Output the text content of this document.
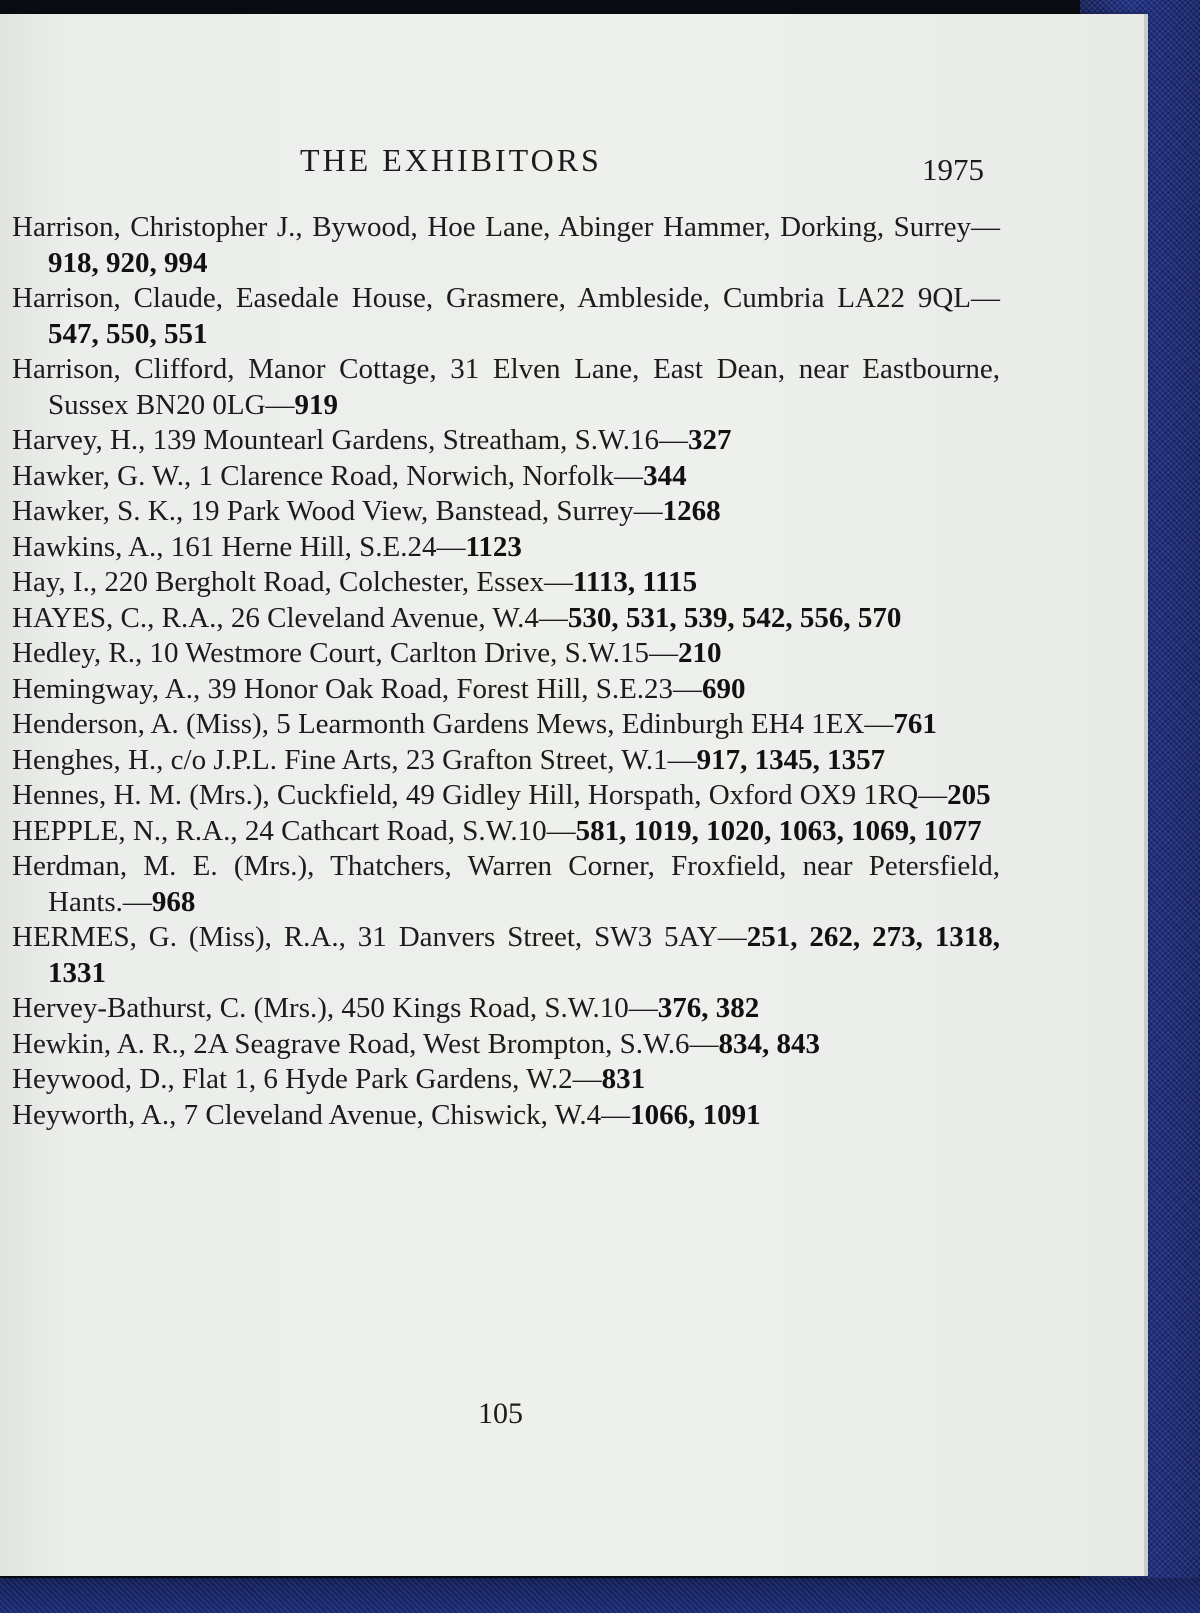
THE EXHIBITORS	1975
Harrison, Christopher J., Bywood, Hoe Lane, Abinger Hammer, Dorking, Surrey—918, 920, 994
Harrison, Claude, Easedale House, Grasmere, Ambleside, Cumbria LA22 9QL—547, 550, 551
Harrison, Clifford, Manor Cottage, 31 Elven Lane, East Dean, near Eastbourne, Sussex BN20 0LG—919
Harvey, H., 139 Mountearl Gardens, Streatham, S.W.16—327
Hawker, G. W., 1 Clarence Road, Norwich, Norfolk—344
Hawker, S. K., 19 Park Wood View, Banstead, Surrey—1268
Hawkins, A., 161 Herne Hill, S.E.24—1123
Hay, I., 220 Bergholt Road, Colchester, Essex—1113, 1115
HAYES, C., R.A., 26 Cleveland Avenue, W.4—530, 531, 539, 542, 556, 570
Hedley, R., 10 Westmore Court, Carlton Drive, S.W.15—210
Hemingway, A., 39 Honor Oak Road, Forest Hill, S.E.23—690
Henderson, A. (Miss), 5 Learmonth Gardens Mews, Edinburgh EH4 1EX—761
Henghes, H., c/o J.P.L. Fine Arts, 23 Grafton Street, W.1—917, 1345, 1357
Hennes, H. M. (Mrs.), Cuckfield, 49 Gidley Hill, Horspath, Oxford OX9 1RQ—205
HEPPLE, N., R.A., 24 Cathcart Road, S.W.10—581, 1019, 1020, 1063, 1069, 1077
Herdman, M. E. (Mrs.), Thatchers, Warren Corner, Froxfield, near Petersfield, Hants.—968
HERMES, G. (Miss), R.A., 31 Danvers Street, SW3 5AY—251, 262, 273, 1318, 1331
Hervey-Bathurst, C. (Mrs.), 450 Kings Road, S.W.10—376, 382
Hewkin, A. R., 2A Seagrave Road, West Brompton, S.W.6—834, 843
Heywood, D., Flat 1, 6 Hyde Park Gardens, W.2—831
Heyworth, A., 7 Cleveland Avenue, Chiswick, W.4—1066, 1091
105
